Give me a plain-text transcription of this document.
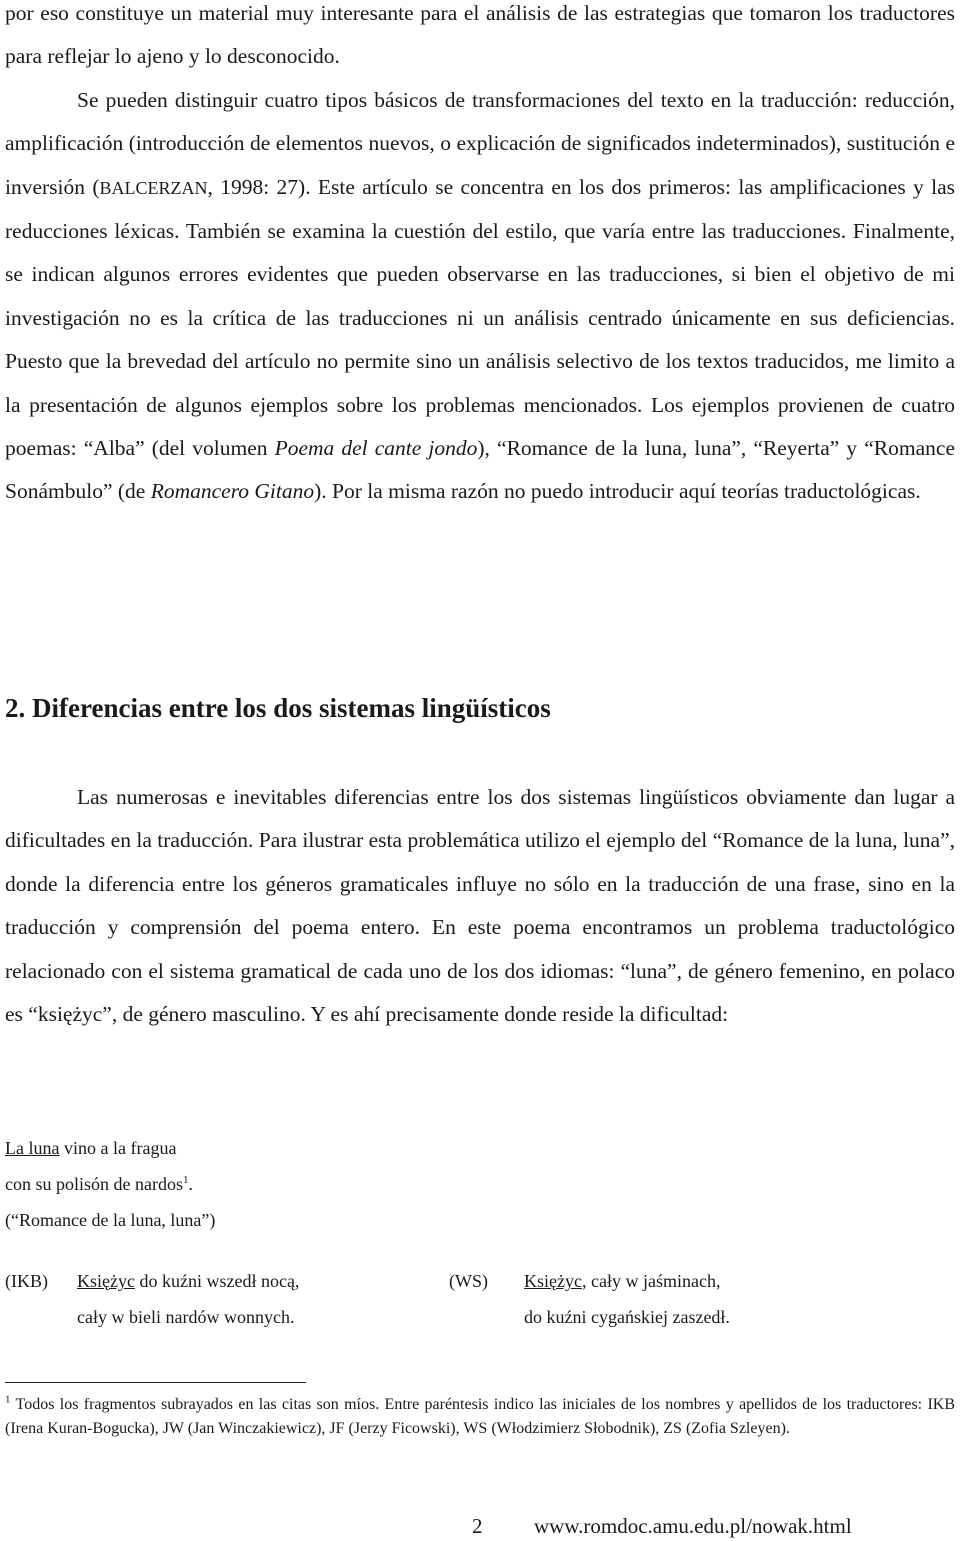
por eso constituye un material muy interesante para el análisis de las estrategias que tomaron los traductores para reflejar lo ajeno y lo desconocido.
Se pueden distinguir cuatro tipos básicos de transformaciones del texto en la traducción: reducción, amplificación (introducción de elementos nuevos, o explicación de significados indeterminados), sustitución e inversión (BALCERZAN, 1998: 27). Este artículo se concentra en los dos primeros: las amplificaciones y las reducciones léxicas. También se examina la cuestión del estilo, que varía entre las traducciones. Finalmente, se indican algunos errores evidentes que pueden observarse en las traducciones, si bien el objetivo de mi investigación no es la crítica de las traducciones ni un análisis centrado únicamente en sus deficiencias. Puesto que la brevedad del artículo no permite sino un análisis selectivo de los textos traducidos, me limito a la presentación de algunos ejemplos sobre los problemas mencionados. Los ejemplos provienen de cuatro poemas: “Alba” (del volumen Poema del cante jondo), “Romance de la luna, luna”, “Reyerta” y “Romance Sonámbulo” (de Romancero Gitano). Por la misma razón no puedo introducir aquí teorías traductológicas.

2. Diferencias entre los dos sistemas lingüísticos

Las numerosas e inevitables diferencias entre los dos sistemas lingüísticos obviamente dan lugar a dificultades en la traducción. Para ilustrar esta problemática utilizo el ejemplo del “Romance de la luna, luna”, donde la diferencia entre los géneros gramaticales influye no sólo en la traducción de una frase, sino en la traducción y comprensión del poema entero. En este poema encontramos un problema traductológico relacionado con el sistema gramatical de cada uno de los dos idiomas: “luna”, de género femenino, en polaco es “księżyc”, de género masculino. Y es ahí precisamente donde reside la dificultad:

La luna vino a la fragua
con su polisón de nardos$^1$.
(“Romance de la luna, luna”)
(IKB) Księżyc do kuźni wszedł nocą,
cały w bieli nardów wonnych.
(WS) Księżyc, cały w jaśminach,
do kuźni cygańskiej zaszedł.

$^1$ Todos los fragmentos subrayados en las citas son míos. Entre paréntesis indico las iniciales de los nombres y apellidos de los traductores: IKB (Irena Kuran-Bogucka), JW (Jan Winczakiewicz), JF (Jerzy Ficowski), WS (Włodzimierz Słobodnik), ZS (Zofia Szleyen).

2 www.romdoc.amu.edu.pl/nowak.html
